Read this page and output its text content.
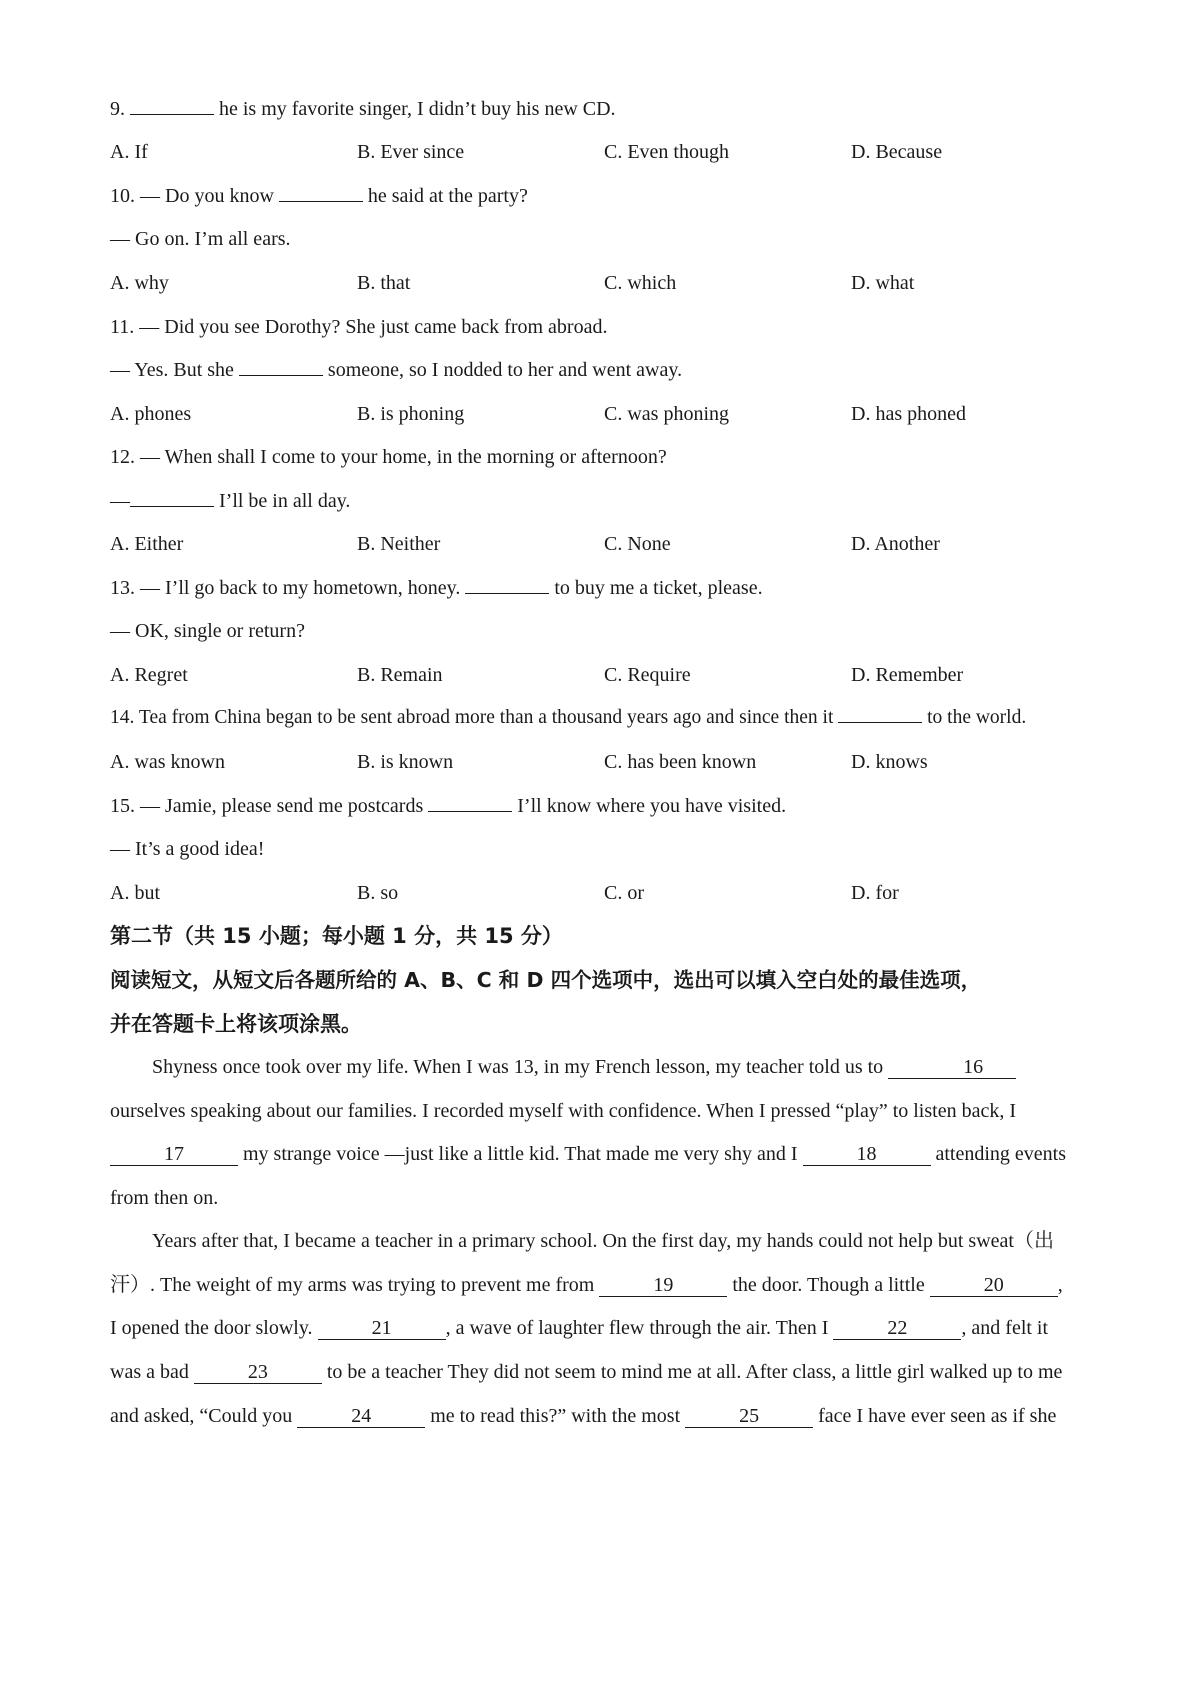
9.	he is my favorite singer, I didn’t buy his new CD.
A. If	B. Ever since	C. Even though	D. Because
10. — Do you know	he said at the party?
— Go on. I’m all ears.
A. why	B. that	C. which	D. what
11. — Did you see Dorothy? She just came back from abroad.
— Yes. But she	someone, so I nodded to her and went away.
A. phones	B. is phoning	C. was phoning	D. has phoned
12. — When shall I come to your home, in the morning or afternoon?
—	I’ll be in all day.
A. Either	B. Neither	C. None	D. Another
13. — I’ll go back to my hometown, honey.	to buy me a ticket, please.
— OK, single or return?
A. Regret	B. Remain	C. Require	D. Remember
14. Tea from China began to be sent abroad more than a thousand years ago and since then it	to the world.
A. was known	B. is known	C. has been known	D. knows
15. — Jamie, please send me postcards	I’ll know where you have visited.
— It’s a good idea!
A. but	B. so	C. or	D. for
第二节（共 15 小题；每小题 1 分，共 15 分）
阅读短文，从短文后各题所给的 A、B、C 和 D 四个选项中，选出可以填入空白处的最佳选项，
并在答题卡上将该项涂黑。
Shyness once took over my life. When I was 13, in my French lesson, my teacher told us to	16
ourselves speaking about our families. I recorded myself with confidence. When I pressed “play” to listen back, I
17	my strange voice —just like a little kid. That made me very shy and I	18	attending events
from then on.
Years after that, I became a teacher in a primary school. On the first day, my hands could not help but sweat（出
汗）. The weight of my arms was trying to prevent me from	19	the door. Though a little	20	,
I opened the door slowly.	21	, a wave of laughter flew through the air. Then I	22	, and felt it
was a bad	23	to be a teacher They did not seem to mind me at all. After class, a little girl walked up to me
and asked, “Could you	24	me to read this?” with the most	25	face I have ever seen as if she
